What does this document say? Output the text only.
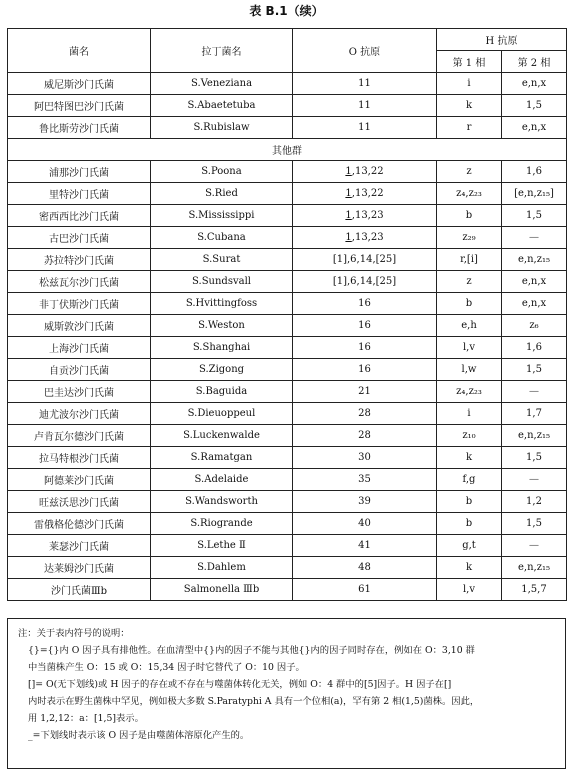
表 B.1（续）
菌名	拉丁菌名	O 抗原	H 抗原	
			第 1 相	第 2 相
威尼斯沙门氏菌	S.Veneziana	11	i	e,n,x
阿巴特图巴沙门氏菌	S.Abaetetuba	11	k	1,5
鲁比斯劳沙门氏菌	S.Rubislaw	11	r	e,n,x
其他群				
浦那沙门氏菌	S.Poona	1,13,22	z	1,6
里特沙门氏菌	S.Ried	1,13,22	z₄,z₂₃	[e,n,z₁₅]
密西西比沙门氏菌	S.Mississippi	1,13,23	b	1,5
古巴沙门氏菌	S.Cubana	1,13,23	z₂₉	—
苏拉特沙门氏菌	S.Surat	[1],6,14,[25]	r,[i]	e,n,z₁₅
松兹瓦尔沙门氏菌	S.Sundsvall	[1],6,14,[25]	z	e,n,x
非丁伏斯沙门氏菌	S.Hvittingfoss	16	b	e,n,x
威斯敦沙门氏菌	S.Weston	16	e,h	z₆
上海沙门氏菌	S.Shanghai	16	l,v	1,6
自贡沙门氏菌	S.Zigong	16	l,w	1,5
巴圭达沙门氏菌	S.Baguida	21	z₄,z₂₃	—
迪尤波尔沙门氏菌	S.Dieuoppeul	28	i	1,7
卢肯瓦尔德沙门氏菌	S.Luckenwalde	28	z₁₀	e,n,z₁₅
拉马特根沙门氏菌	S.Ramatgan	30	k	1,5
阿德莱沙门氏菌	S.Adelaide	35	f,g	—
旺兹沃思沙门氏菌	S.Wandsworth	39	b	1,2
雷俄格伦德沙门氏菌	S.Riogrande	40	b	1,5
莱瑟沙门氏菌	S.Lethe Ⅱ	41	g,t	—
达莱姆沙门氏菌	S.Dahlem	48	k	e,n,z₁₅
沙门氏菌Ⅲb	Salmonella Ⅲb	61	l,v	1,5,7
注：关于表内符号的说明：
{}={}内 O 因子具有排他性。在血清型中{}内的因子不能与其他{}内的因子同时存在，例如在 O：3,10 群
中当菌株产生 O：15 或 O：15,34 因子时它替代了 O：10 因子。
[]= O(无下划线)或 H 因子的存在或不存在与噬菌体转化无关，例如 O：4 群中的[5]因子。H 因子在[]
内时表示在野生菌株中罕见，例如极大多数 S.Paratyphi A 具有一个位相(a)，罕有第 2 相(1,5)菌株。因此，
用 1,2,12：a：[1,5]表示。
_=下划线时表示该 O 因子是由噬菌体溶原化产生的。
